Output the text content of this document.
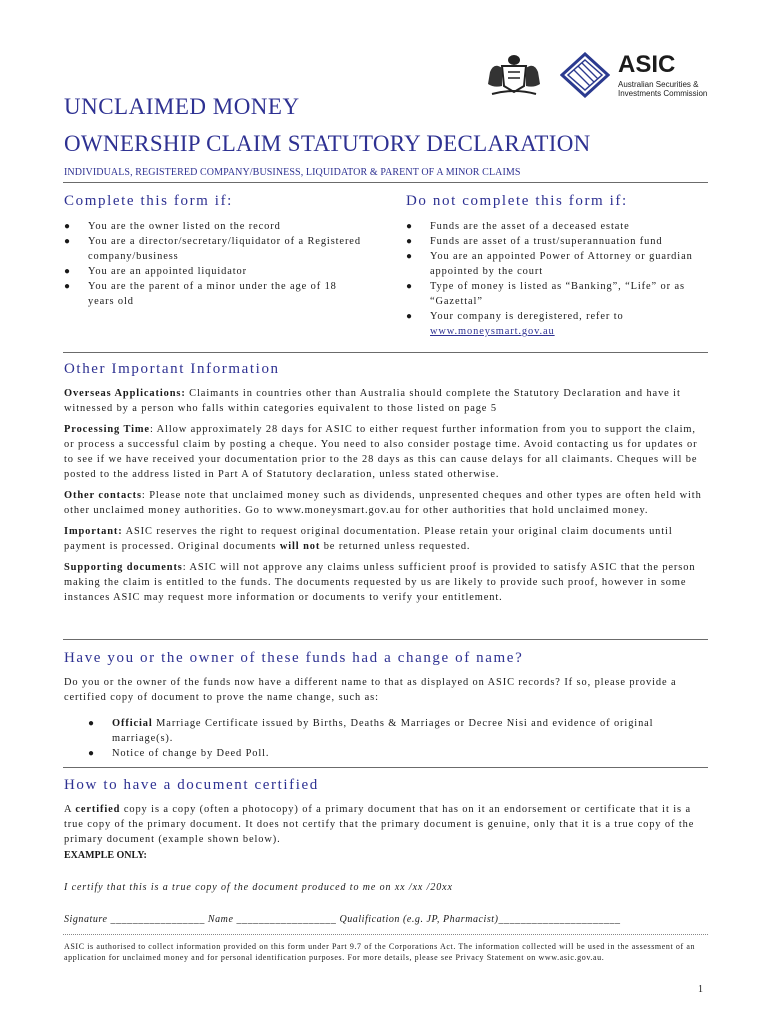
ASIC
Australian Securities &
Investments Commission
UNCLAIMED MONEY
OWNERSHIP CLAIM STATUTORY DECLARATION
INDIVIDUALS, REGISTERED COMPANY/BUSINESS, LIQUIDATOR & PARENT OF A MINOR CLAIMS
Complete this form if:
●	You are the owner listed on the record
●	You are a director/secretary/liquidator of a Registered company/business
●	You are an appointed liquidator
●	You are the parent of a minor under the age of 18 years old
Do not complete this form if:
●	Funds are the asset of a deceased estate
●	Funds are asset of a trust/superannuation fund
●	You are an appointed Power of Attorney or guardian appointed by the court
●	Type of money is listed as “Banking”, “Life” or as “Gazettal”
●	Your company is deregistered, refer to www.moneysmart.gov.au
Other Important Information

Overseas Applications: Claimants in countries other than Australia should complete the Statutory Declaration and have it witnessed by a person who falls within categories equivalent to those listed on page 5

Processing Time: Allow approximately 28 days for ASIC to either request further information from you to support the claim, or process a successful claim by posting a cheque. You need to also consider postage time. Avoid contacting us for updates or to see if we have received your documentation prior to the 28 days as this can cause delays for all claimants. Cheques will be posted to the address listed in Part A of Statutory declaration, unless stated otherwise.

Other contacts: Please note that unclaimed money such as dividends, unpresented cheques and other types are often held with other unclaimed money authorities. Go to www.moneysmart.gov.au for other authorities that hold unclaimed money.

Important: ASIC reserves the right to request original documentation. Please retain your original claim documents until payment is processed. Original documents will not be returned unless requested.

Supporting documents: ASIC will not approve any claims unless sufficient proof is provided to satisfy ASIC that the person making the claim is entitled to the funds. The documents requested by us are likely to provide such proof, however in some instances ASIC may request more information or documents to verify your entitlement.

Have you or the owner of these funds had a change of name?
Do you or the owner of the funds now have a different name to that as displayed on ASIC records? If so, please provide a certified copy of document to prove the name change, such as:
●	Official Marriage Certificate issued by Births, Deaths & Marriages or Decree Nisi and evidence of original marriage(s).
●	Notice of change by Deed Poll.
How to have a document certified
A certified copy is a copy (often a photocopy) of a primary document that has on it an endorsement or certificate that it is a true copy of the primary document. It does not certify that the primary document is genuine, only that it is a true copy of the primary document (example shown below).
EXAMPLE ONLY:
I certify that this is a true copy of the document produced to me on xx /xx /20xx
Signature _________________ Name __________________ Qualification (e.g. JP, Pharmacist)______________________
ASIC is authorised to collect information provided on this form under Part 9.7 of the Corporations Act. The information collected will be used in the assessment of an application for unclaimed money and for personal identification purposes. For more details, please see Privacy Statement on www.asic.gov.au.
1
